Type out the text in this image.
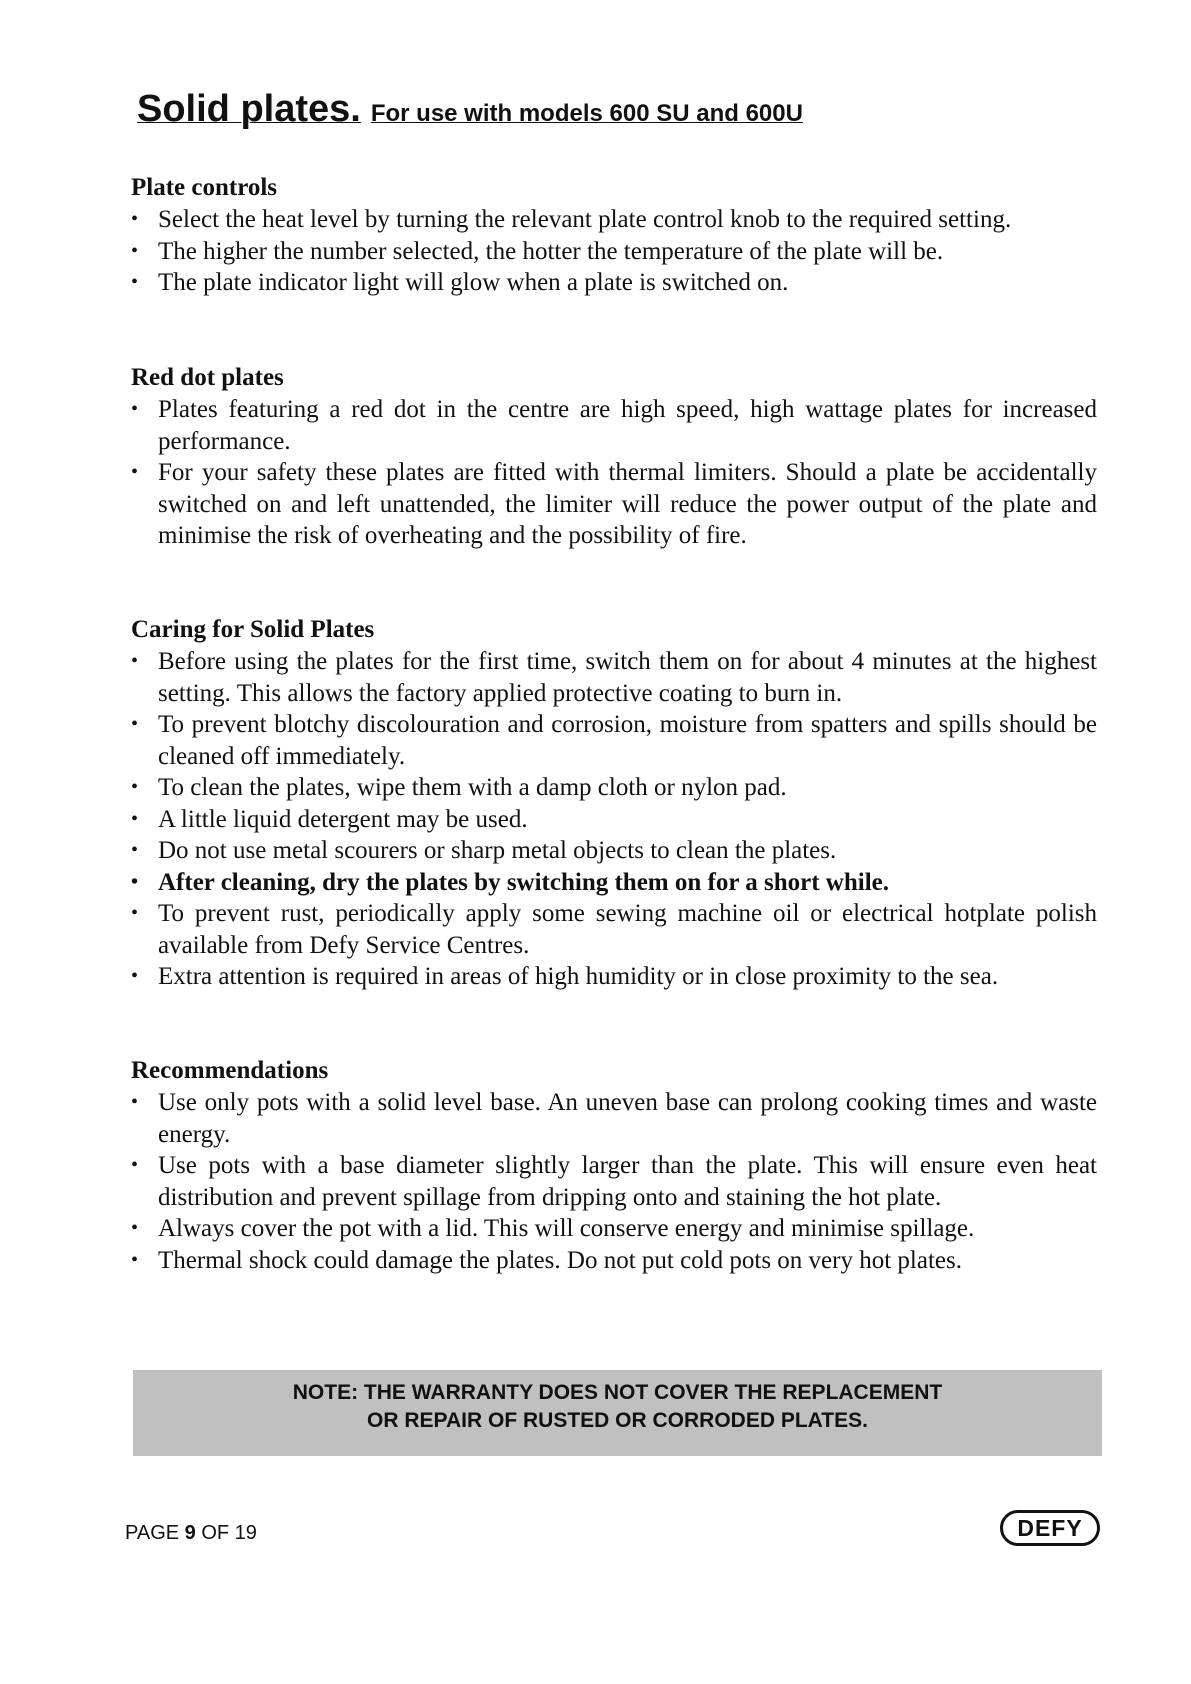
Solid plates. For use with models 600 SU and 600U

Plate controls

• Select the heat level by turning the relevant plate control knob to the required setting.
• The higher the number selected, the hotter the temperature of the plate will be.
• The plate indicator light will glow when a plate is switched on.

Red dot plates

• Plates featuring a red dot in the centre are high speed, high wattage plates for increased performance.
• For your safety these plates are fitted with thermal limiters. Should a plate be accidentally switched on and left unattended, the limiter will reduce the power output of the plate and minimise the risk of overheating and the possibility of fire.

Caring for Solid Plates

• Before using the plates for the first time, switch them on for about 4 minutes at the highest setting. This allows the factory applied protective coating to burn in.
• To prevent blotchy discolouration and corrosion, moisture from spatters and spills should be cleaned off immediately.
• To clean the plates, wipe them with a damp cloth or nylon pad.
• A little liquid detergent may be used.
• Do not use metal scourers or sharp metal objects to clean the plates.
• After cleaning, dry the plates by switching them on for a short while.
• To prevent rust, periodically apply some sewing machine oil or electrical hotplate polish available from Defy Service Centres.
• Extra attention is required in areas of high humidity or in close proximity to the sea.

Recommendations

• Use only pots with a solid level base. An uneven base can prolong cooking times and waste energy.
• Use pots with a base diameter slightly larger than the plate. This will ensure even heat distribution and prevent spillage from dripping onto and staining the hot plate.
• Always cover the pot with a lid. This will conserve energy and minimise spillage.
• Thermal shock could damage the plates. Do not put cold pots on very hot plates.
NOTE: THE WARRANTY DOES NOT COVER THE REPLACEMENT
OR REPAIR OF RUSTED OR CORRODED PLATES.
PAGE 9 OF 19	DEFY
